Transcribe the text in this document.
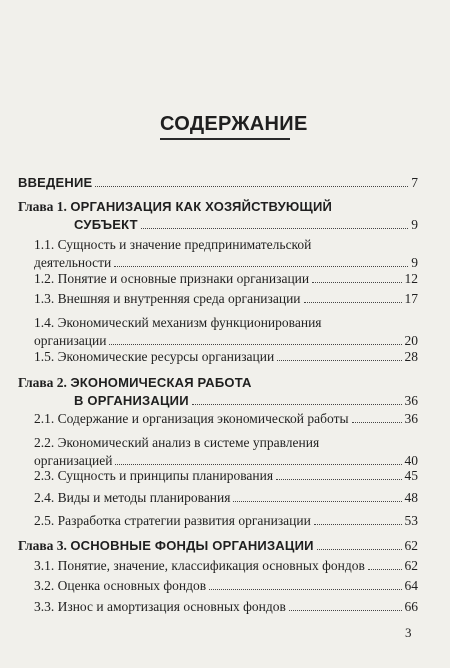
СОДЕРЖАНИЕ
ВВЕДЕНИЕ	7
Глава 1. ОРГАНИЗАЦИЯ КАК ХОЗЯЙСТВУЮЩИЙ
СУБЪЕКТ	9
1.1. Сущность и значение предпринимательской
деятельности	9
1.2. Понятие и основные признаки организации	12
1.3. Внешняя и внутренняя среда организации	17
1.4. Экономический механизм функционирования
организации	20
1.5. Экономические ресурсы организации	28
Глава 2. ЭКОНОМИЧЕСКАЯ РАБОТА
В ОРГАНИЗАЦИИ	36
2.1. Содержание и организация экономической работы	36
2.2. Экономический анализ в системе управления
организацией	40
2.3. Сущность и принципы планирования	45
2.4. Виды и методы планирования	48
2.5. Разработка стратегии развития организации	53
Глава 3. ОСНОВНЫЕ ФОНДЫ ОРГАНИЗАЦИИ	62
3.1. Понятие, значение, классификация основных фондов	62
3.2. Оценка основных фондов	64
3.3. Износ и амортизация основных фондов	66
3
